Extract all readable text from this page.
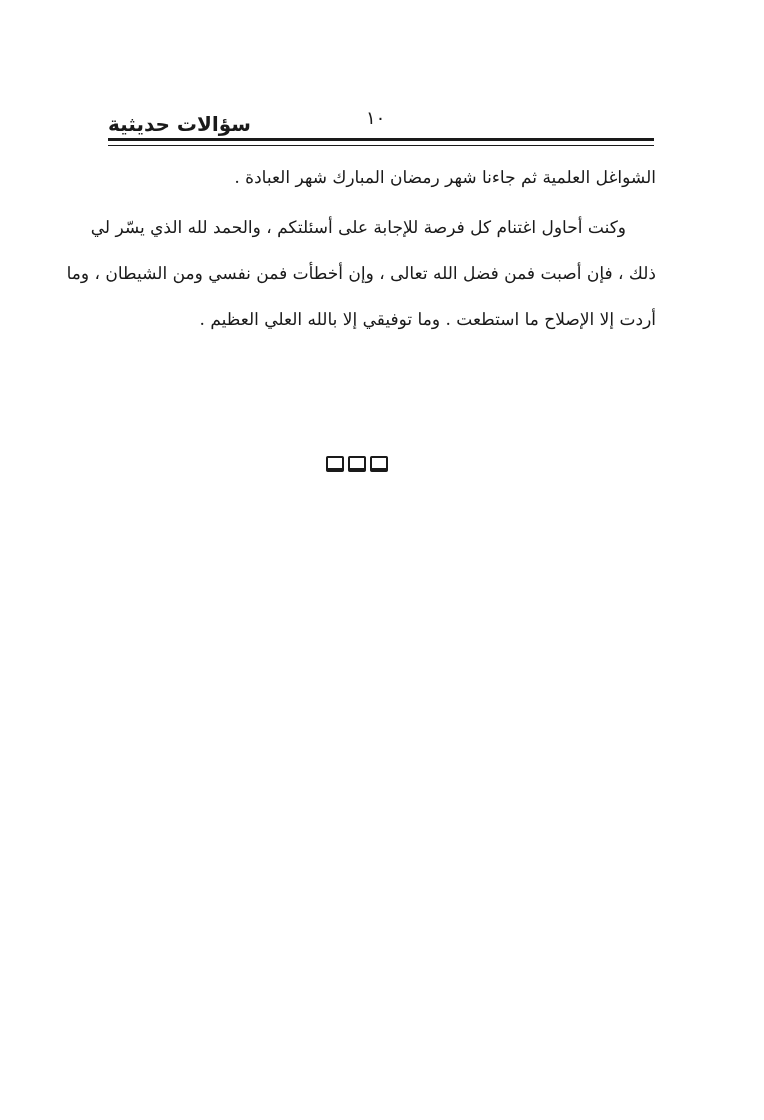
سؤالات حديثية	١٠
الشواغل العلمية ثم جاءنا شهر رمضان المبارك شهر العبادة .
وكنت أحاول اغتنام كل فرصة للإجابة على أسئلتكم ، والحمد لله الذي يسّر لي
ذلك ، فإن أصبت فمن فضل الله تعالى ، وإن أخطأت فمن نفسي ومن الشيطان ، وما
أردت إلا الإصلاح ما استطعت . وما توفيقي إلا بالله العلي العظيم .
